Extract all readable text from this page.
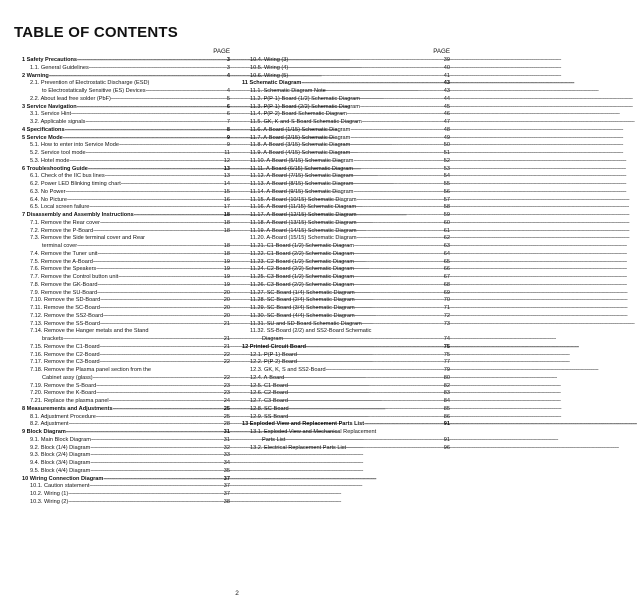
TABLE OF CONTENTS
PAGE
1 Safety Precautions -----	3
1.1. General Guidelines -----	3
2 Warning -----	4
2.1. Prevention of Electrostatic Discharge (ESD)
to Electrostatically Sensitive (ES) Devices -----	4
2.2. About lead free solder (PbF) -----	5
3 Service Navigation -----	6
3.1. Service Hint -----	6
3.2. Applicable signals -----	7
4 Specifications -----	8
5 Service Mode -----	9
5.1. How to enter into Service Mode -----	9
5.2. Service tool mode -----	11
5.3. Hotel mode -----	12
6 Troubleshooting Guide -----	13
6.1. Check of the IIC bus lines -----	13
6.2. Power LED Blinking timing chart -----	14
6.3. No Power -----	15
6.4. No Picture -----	16
6.5. Local screen failure -----	17
7 Disassembly and Assembly Instructions -----	18
7.1. Remove the Rear cover -----	18
7.2. Remove the P-Board -----	18
7.3. Remove the Side terminal cover and Rear
terminal cover -----	18
7.4. Remove the Tuner unit -----	18
7.5. Remove the A-Board -----	19
7.6. Remove the Speakers -----	19
7.7. Remove the Control button unit -----	19
7.8. Remove the GK-Board -----	19
7.9. Remove the SU-Board -----	20
7.10. Remove the SD-Board -----	20
7.11. Remove the SC-Board -----	20
7.12. Remove the SS2-Board -----	20
7.13. Remove the SS-Board -----	21
7.14. Remove the Hanger metals and the Stand
brackets -----	21
7.15. Remove the C1-Board -----	21
7.16. Remove the C2-Board -----	22
7.17. Remove the C3-Board -----	22
7.18. Remove the Plasma panel section from the
Cabinet assy (glass) -----	22
7.19. Remove the S-Board -----	23
7.20. Remove the K-Board -----	23
7.21. Replace the plasma panel -----	24
8 Measurements and Adjustments -----	25
8.1. Adjustment Procedure -----	25
8.2. Adjustment -----	28
9 Block Diagram -----	31
9.1. Main Block Diagram -----	31
9.2. Block (1/4) Diagram -----	32
9.3. Block (2/4) Diagram -----	33
9.4. Block (3/4) Diagram -----	34
9.5. Block (4/4) Diagram -----	35
10 Wiring Connection Diagram -----	37
10.1. Caution statement -----	37
10.2. Wiring (1) -----	37
10.3. Wiring (2) -----	38
PAGE
10.4. Wiring (3) -----	39
10.5. Wiring (4) -----	40
10.6. Wiring (5) -----	41
11 Schematic Diagram -----	43
11.1. Schematic Diagram Note -----	43
11.2. P(P-1)-Board (1/2) Schematic Diagram -----	44
11.3. P(P-1)-Board (2/2) Schematic Diagram -----	45
11.4. P(P-2)-Board Schematic Diagram -----	46
11.5. GK, K and S-Board Schematic Diagram -----	47
11.6. A-Board (1/15) Schematic Diagram -----	48
11.7. A-Board (2/15) Schematic Diagram -----	49
11.8. A-Board (3/15) Schematic Diagram -----	50
11.9. A-Board (4/15) Schematic Diagram -----	51
11.10. A-Board (5/15) Schematic Diagram -----	52
11.11. A-Board (6/15) Schematic Diagram -----	53
11.12. A-Board (7/15) Schematic Diagram -----	54
11.13. A-Board (8/15) Schematic Diagram -----	55
11.14. A-Board (9/15) Schematic Diagram -----	56
11.15. A-Board (10/15) Schematic Diagram -----	57
11.16. A-Board (11/15) Schematic Diagram -----	58
11.17. A-Board (12/15) Schematic Diagram -----	59
11.18. A-Board (13/15) Schematic Diagram -----	60
11.19. A-Board (14/15) Schematic Diagram -----	61
11.20. A-Board (15/15) Schematic Diagram -----	62
11.21. C1-Board (1/2) Schematic Diagram -----	63
11.22. C1-Board (2/2) Schematic Diagram -----	64
11.23. C2-Board (1/2) Schematic Diagram -----	65
11.24. C2-Board (2/2) Schematic Diagram -----	66
11.25. C3-Board (1/2) Schematic Diagram -----	67
11.26. C3-Board (2/2) Schematic Diagram -----	68
11.27. SC-Board (1/4) Schematic Diagram -----	69
11.28. SC-Board (2/4) Schematic Diagram -----	70
11.29. SC-Board (3/4) Schematic Diagram -----	71
11.30. SC-Board (4/4) Schematic Diagram -----	72
11.31. SU and SD-Board Schematic Diagram -----	73
11.32. SS-Board (2/2) and SS2-Board Schematic
Diagram -----	74
12 Printed Circuit Board -----	75
12.1. P(P-1)-Board -----	75
12.2. P(P-2)-Board -----	77
12.3. GK, K, S and SS2-Board -----	79
12.4. A-Board -----	80
12.5. C1-Board -----	82
12.6. C2-Board -----	83
12.7. C3-Board -----	84
12.8. SC-Board -----	85
12.9. SS-Board -----	86
13 Exploded View and Replacement Parts List -----	91
13.1. Exploded View and Mechanical Replacement
Parts List -----	91
13.2. Electrical Replacement Parts List -----	96
2
